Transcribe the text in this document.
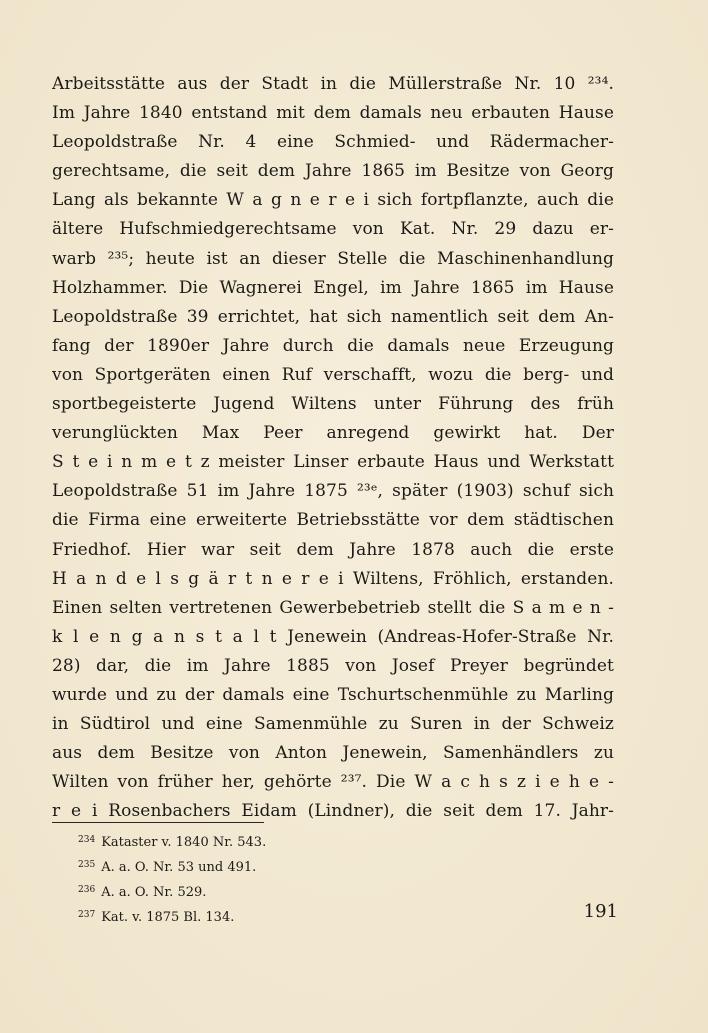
Arbeitsstätte aus der Stadt in die Müllerstraße Nr. 10 ²³⁴.
Im Jahre 1840 entstand mit dem damals neu erbauten Hause
Leopoldstraße Nr. 4 eine Schmied- und Rädermacher-
gerechtsame, die seit dem Jahre 1865 im Besitze von Georg
Lang als bekannte W a g n e r e i sich fortpflanzte, auch die
ältere Hufschmiedgerechtsame von Kat. Nr. 29 dazu er-
warb ²³⁵; heute ist an dieser Stelle die Maschinenhandlung
Holzhammer. Die Wagnerei Engel, im Jahre 1865 im Hause
Leopoldstraße 39 errichtet, hat sich namentlich seit dem An-
fang der 1890er Jahre durch die damals neue Erzeugung
von Sportgeräten einen Ruf verschafft, wozu die berg- und
sportbegeisterte Jugend Wiltens unter Führung des früh
verunglückten Max Peer anregend gewirkt hat. Der
S t e i n m e t z meister Linser erbaute Haus und Werkstatt
Leopoldstraße 51 im Jahre 1875 ²³ᵉ, später (1903) schuf sich
die Firma eine erweiterte Betriebsstätte vor dem städtischen
Friedhof. Hier war seit dem Jahre 1878 auch die erste
H a n d e l s g ä r t n e r e i Wiltens, Fröhlich, erstanden.
Einen selten vertretenen Gewerbebetrieb stellt die S a m e n -
k l e n g a n s t a l t Jenewein (Andreas-Hofer-Straße Nr.
28) dar, die im Jahre 1885 von Josef Preyer begründet
wurde und zu der damals eine Tschurtschenmühle zu Marling
in Südtirol und eine Samenmühle zu Suren in der Schweiz
aus dem Besitze von Anton Jenewein, Samenhändlers zu
Wilten von früher her, gehörte ²³⁷. Die W a c h s z i e h e -
r e i Rosenbachers Eidam (Lindner), die seit dem 17. Jahr-
$^{234}$ Kataster v. 1840 Nr. 543.
$^{235}$ A. a. O. Nr. 53 und 491.
$^{236}$ A. a. O. Nr. 529.
$^{237}$ Kat. v. 1875 Bl. 134.	191
